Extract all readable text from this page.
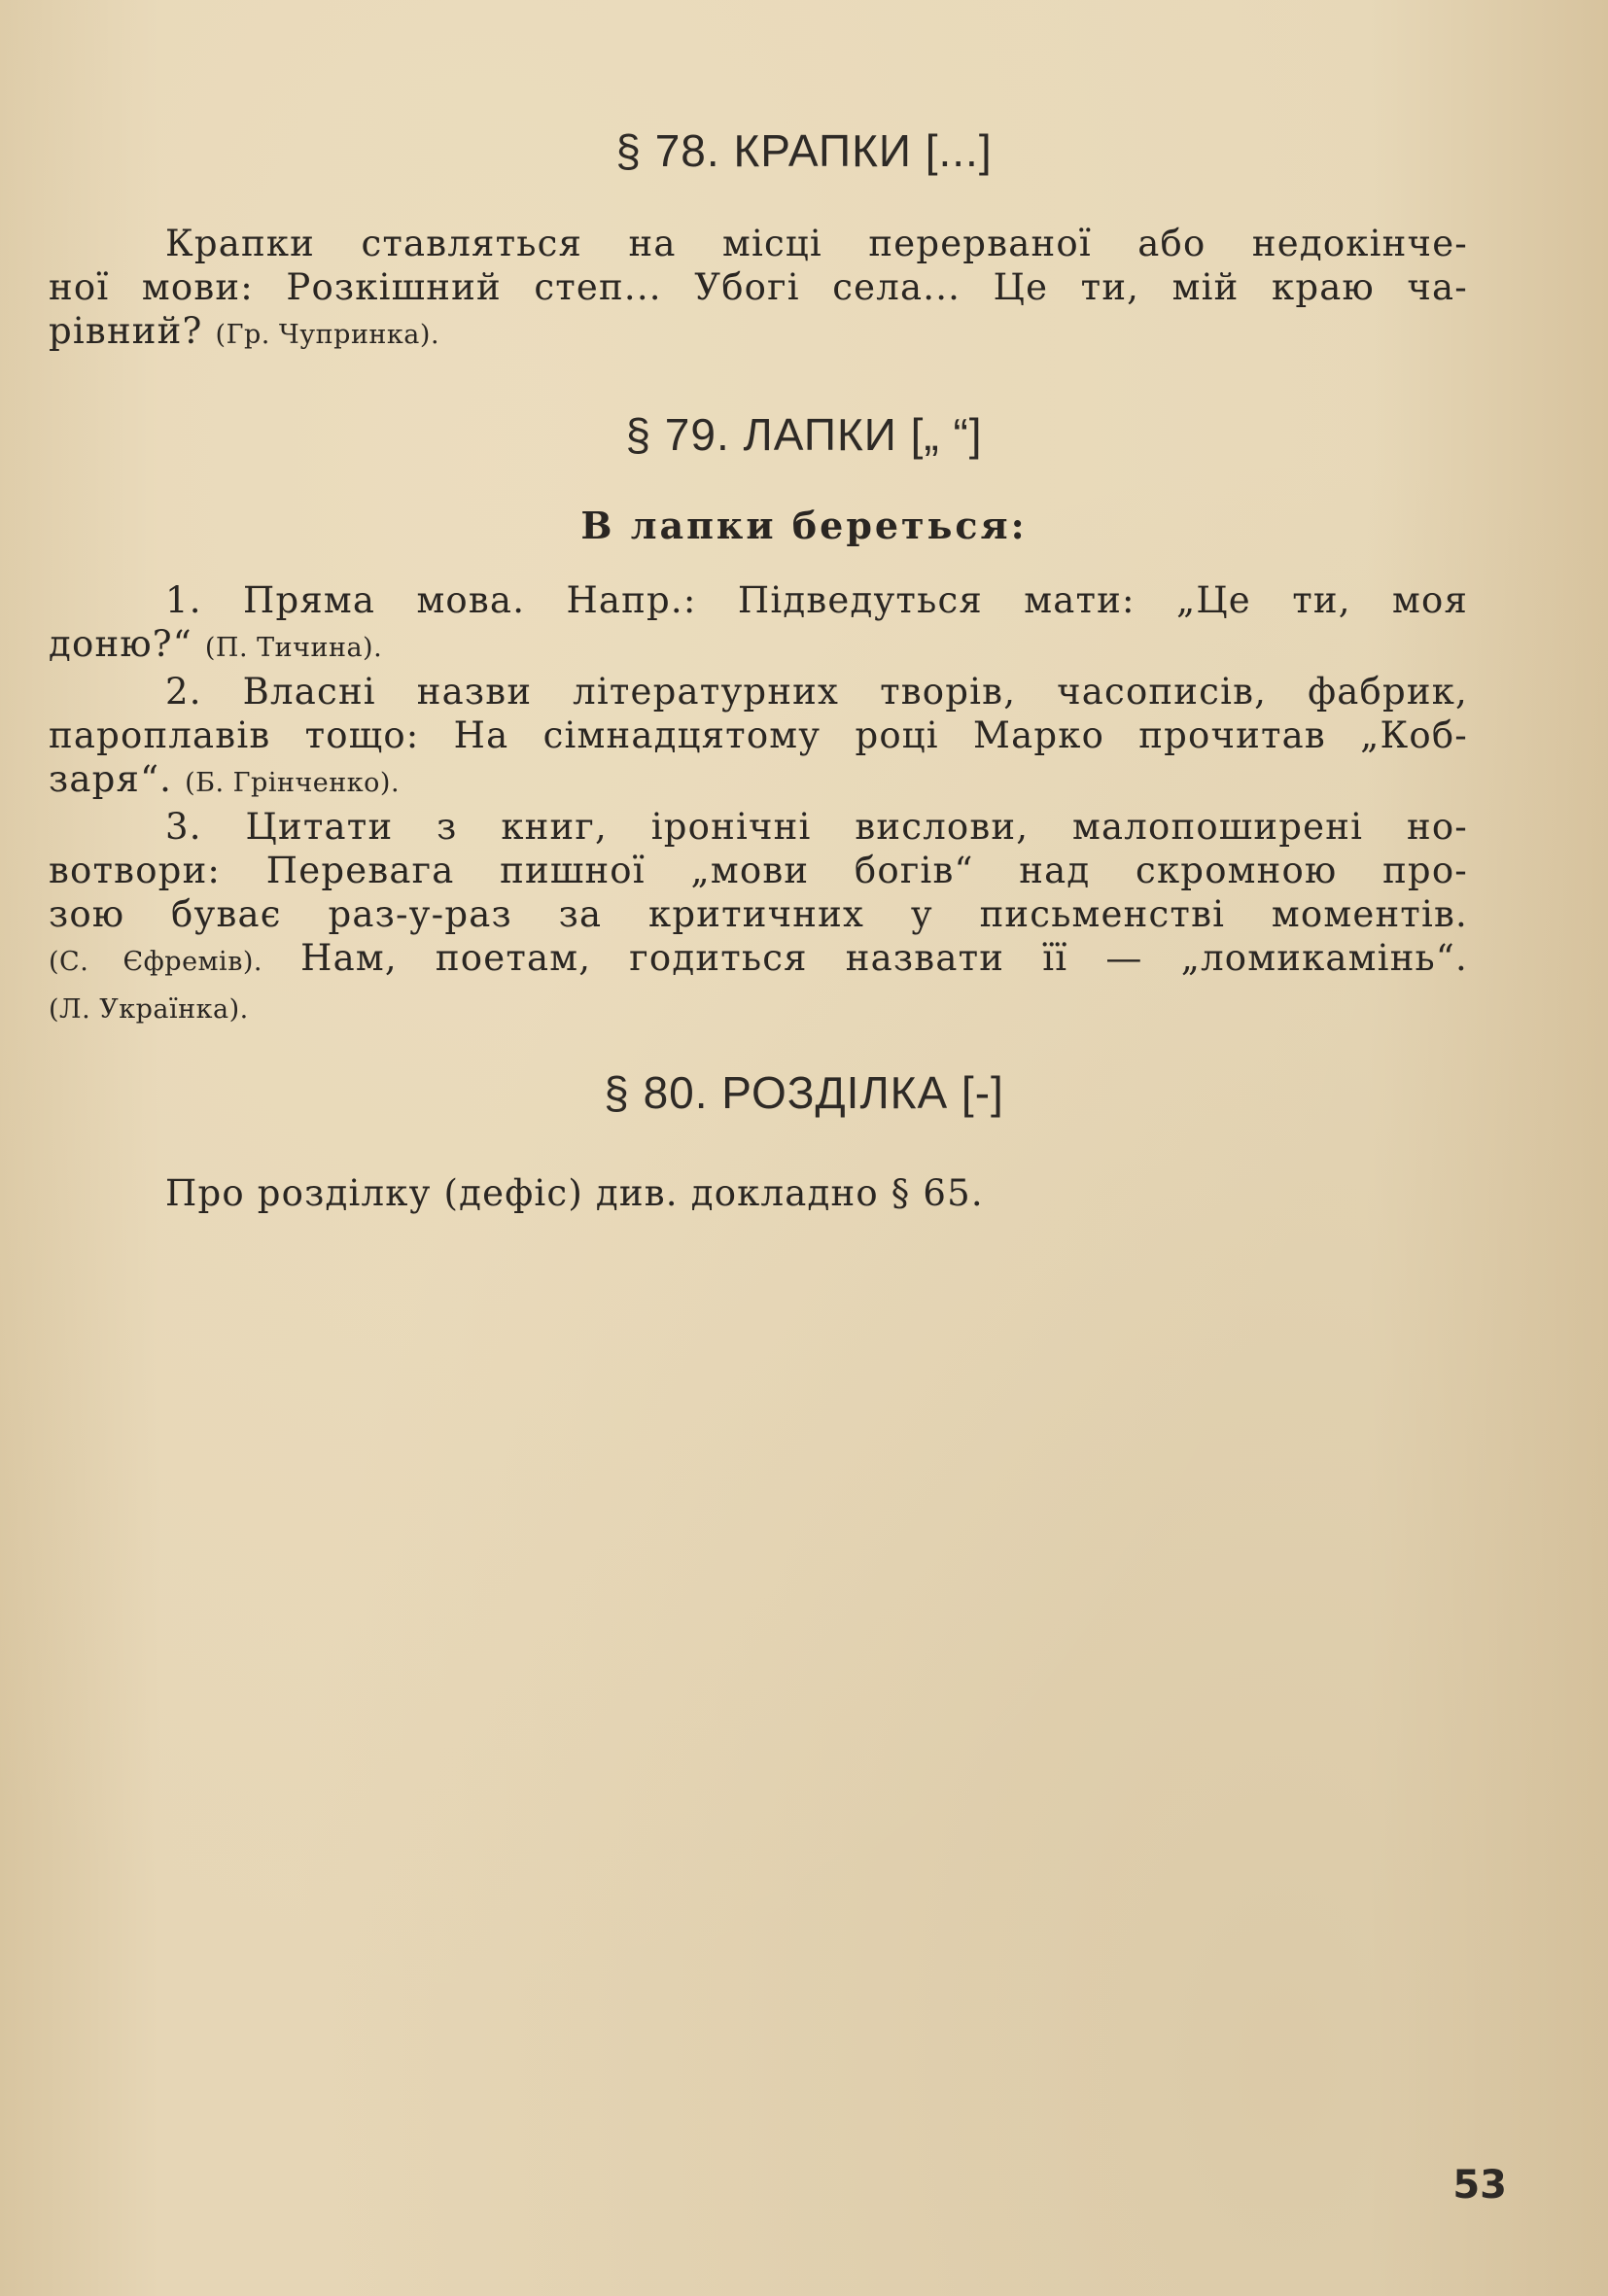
§ 78. КРАПКИ [...]
Крапки ставляться на місці перерваної або недокінче-
ної мови: Розкішний степ... Убогі села... Це ти, мій краю ча-
рівний? (Гр. Чупринка).
§ 79. ЛАПКИ [„ “]
В лапки береться:
1. Пряма мова. Напр.: Підведуться мати: „Це ти, моя
доню?“ (П. Тичина).
2. Власні назви літературних творів, часописів, фабрик,
пароплавів тощо: На сімнадцятому році Марко прочитав „Коб-
заря“. (Б. Грінченко).
3. Цитати з книг, іронічні вислови, малопоширені но-
вотвори: Перевага пишної „мови богів“ над скромною про-
зою буває раз-у-раз за критичних у письменстві моментів.
(С. Єфремів). Нам, поетам, годиться назвати її — „ломикамінь“.
(Л. Українка).
§ 80. РОЗДІЛКА [-]
Про розділку (дефіс) див. докладно § 65.
53
